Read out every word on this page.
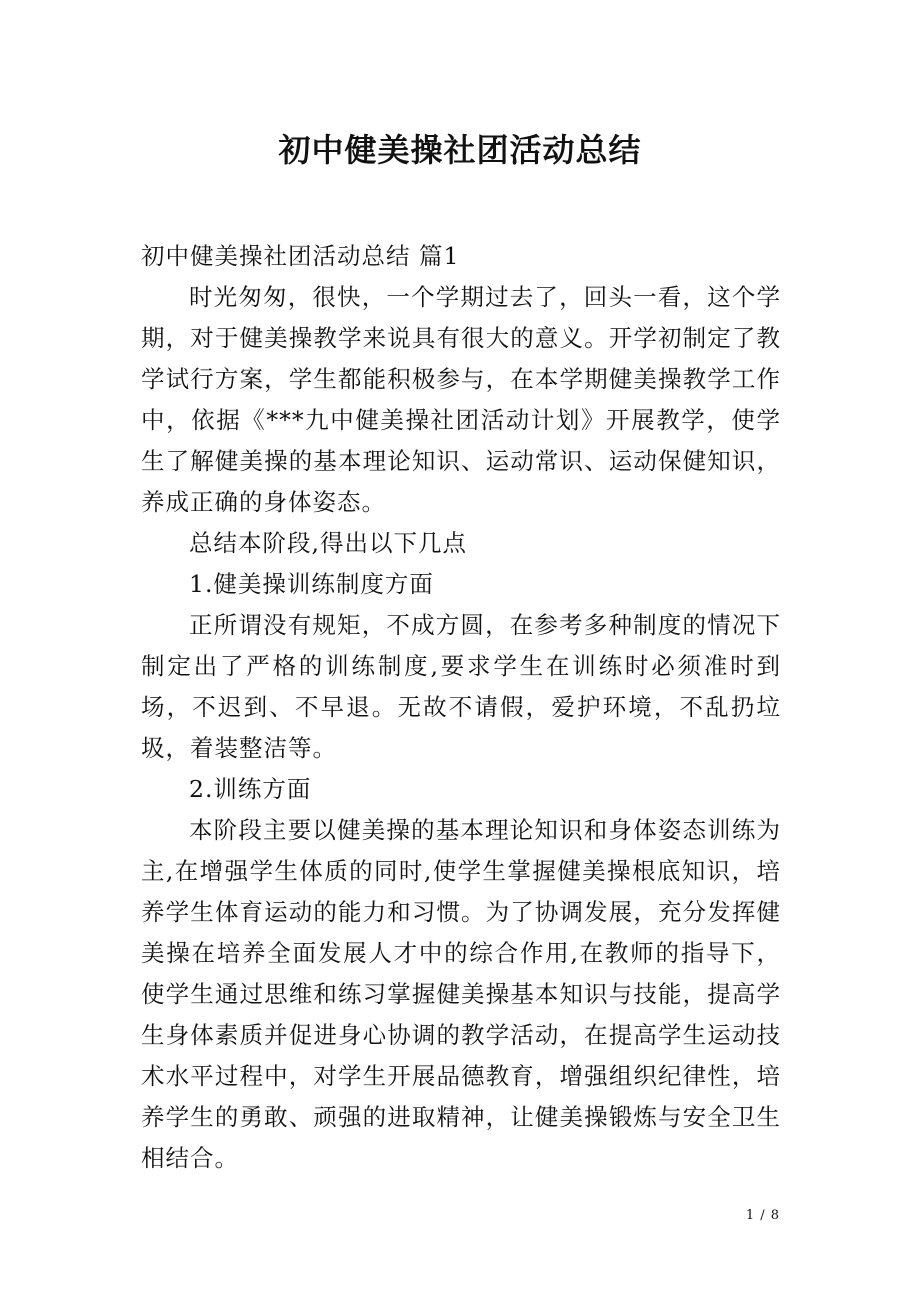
初中健美操社团活动总结

初中健美操社团活动总结 篇1

时光匆匆，很快，一个学期过去了，回头一看，这个学期，对于健美操教学来说具有很大的意义。开学初制定了教学试行方案，学生都能积极参与，在本学期健美操教学工作中，依据《***九中健美操社团活动计划》开展教学，使学生了解健美操的基本理论知识、运动常识、运动保健知识，养成正确的身体姿态。

总结本阶段,得出以下几点

1.健美操训练制度方面

正所谓没有规矩，不成方圆，在参考多种制度的情况下制定出了严格的训练制度,要求学生在训练时必须准时到场，不迟到、不早退。无故不请假，爱护环境，不乱扔垃圾，着装整洁等。

2.训练方面

本阶段主要以健美操的基本理论知识和身体姿态训练为主,在增强学生体质的同时,使学生掌握健美操根底知识，培养学生体育运动的能力和习惯。为了协调发展，充分发挥健美操在培养全面发展人才中的综合作用,在教师的指导下，使学生通过思维和练习掌握健美操基本知识与技能，提高学生身体素质并促进身心协调的教学活动，在提高学生运动技术水平过程中，对学生开展品德教育，增强组织纪律性，培养学生的勇敢、顽强的进取精神，让健美操锻炼与安全卫生相结合。

1 / 8
